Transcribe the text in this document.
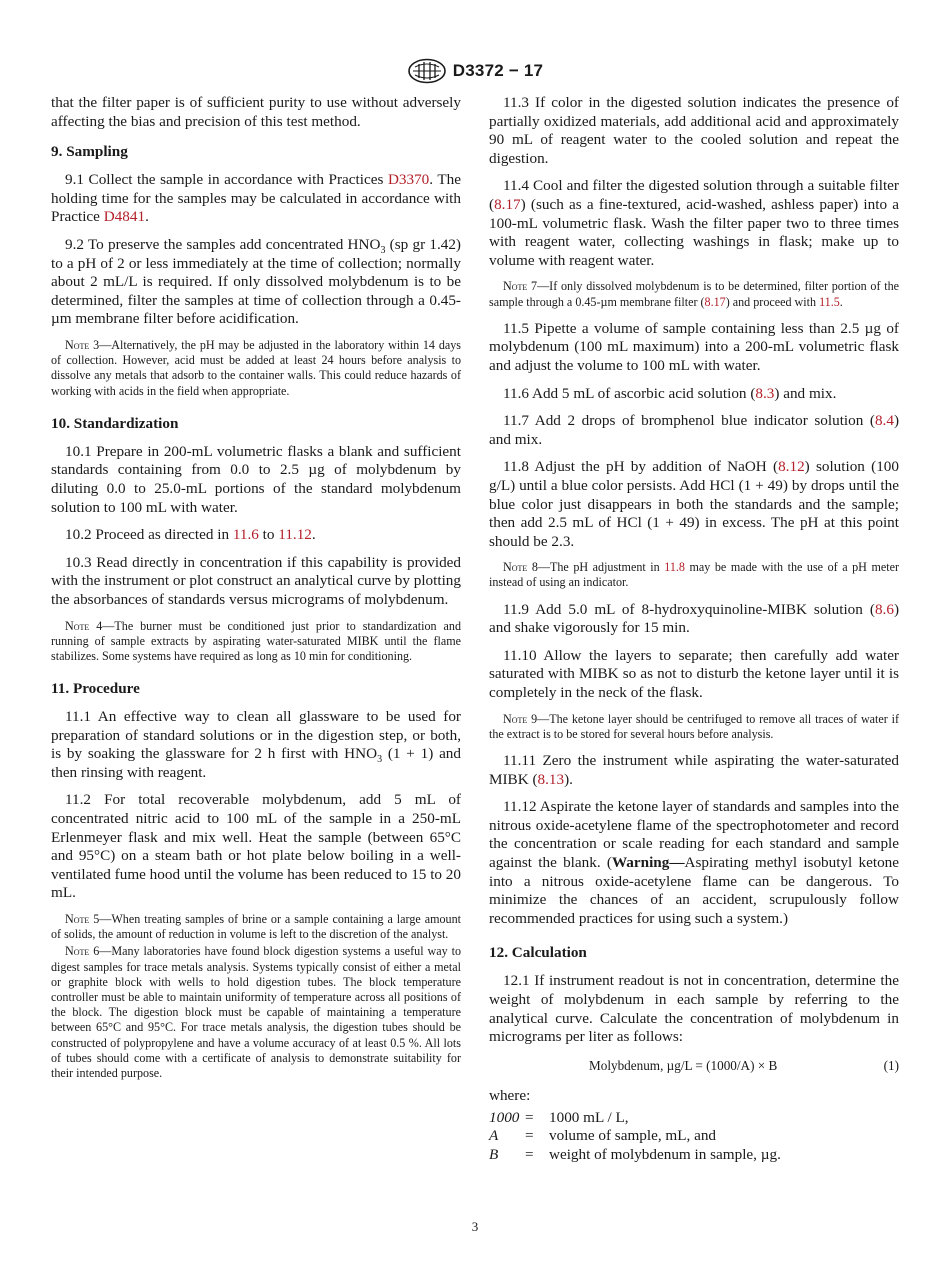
D3372 − 17

that the filter paper is of sufficient purity to use without adversely affecting the bias and precision of this test method.

9. Sampling

9.1 Collect the sample in accordance with Practices D3370. The holding time for the samples may be calculated in accordance with Practice D4841.

9.2 To preserve the samples add concentrated $HNO_3$ (sp gr 1.42) to a pH of 2 or less immediately at the time of collection; normally about 2 mL/L is required. If only dissolved molybdenum is to be determined, filter the samples at time of collection through a 0.45-µm membrane filter before acidification.

Note 3—Alternatively, the pH may be adjusted in the laboratory within 14 days of collection. However, acid must be added at least 24 hours before analysis to dissolve any metals that adsorb to the container walls. This could reduce hazards of working with acids in the field when appropriate.

10. Standardization

10.1 Prepare in 200-mL volumetric flasks a blank and sufficient standards containing from 0.0 to 2.5 µg of molybdenum by diluting 0.0 to 25.0-mL portions of the standard molybdenum solution to 100 mL with water.

10.2 Proceed as directed in 11.6 to 11.12.

10.3 Read directly in concentration if this capability is provided with the instrument or plot construct an analytical curve by plotting the absorbances of standards versus micrograms of molybdenum.

Note 4—The burner must be conditioned just prior to standardization and running of sample extracts by aspirating water-saturated MIBK until the flame stabilizes. Some systems have required as long as 10 min for conditioning.

11. Procedure

11.1 An effective way to clean all glassware to be used for preparation of standard solutions or in the digestion step, or both, is by soaking the glassware for 2 h first with $HNO_3$ (1 + 1) and then rinsing with reagent.

11.2 For total recoverable molybdenum, add 5 mL of concentrated nitric acid to 100 mL of the sample in a 250-mL Erlenmeyer flask and mix well. Heat the sample (between 65°C and 95°C) on a steam bath or hot plate below boiling in a well-ventilated fume hood until the volume has been reduced to 15 to 20 mL.

Note 5—When treating samples of brine or a sample containing a large amount of solids, the amount of reduction in volume is left to the discretion of the analyst.

Note 6—Many laboratories have found block digestion systems a useful way to digest samples for trace metals analysis. Systems typically consist of either a metal or graphite block with wells to hold digestion tubes. The block temperature controller must be able to maintain uniformity of temperature across all positions of the block. The digestion block must be capable of maintaining a temperature between 65°C and 95°C. For trace metals analysis, the digestion tubes should be constructed of polypropylene and have a volume accuracy of at least 0.5 %. All lots of tubes should come with a certificate of analysis to demonstrate suitability for their intended purpose.

11.3 If color in the digested solution indicates the presence of partially oxidized materials, add additional acid and approximately 90 mL of reagent water to the cooled solution and repeat the digestion.

11.4 Cool and filter the digested solution through a suitable filter (8.17) (such as a fine-textured, acid-washed, ashless paper) into a 100-mL volumetric flask. Wash the filter paper two to three times with reagent water, collecting washings in flask; make up to volume with reagent water.

Note 7—If only dissolved molybdenum is to be determined, filter portion of the sample through a 0.45-µm membrane filter (8.17) and proceed with 11.5.

11.5 Pipette a volume of sample containing less than 2.5 µg of molybdenum (100 mL maximum) into a 200-mL volumetric flask and adjust the volume to 100 mL with water.

11.6 Add 5 mL of ascorbic acid solution (8.3) and mix.

11.7 Add 2 drops of bromphenol blue indicator solution (8.4) and mix.

11.8 Adjust the pH by addition of NaOH (8.12) solution (100 g/L) until a blue color persists. Add HCl (1 + 49) by drops until the blue color just disappears in both the standards and the sample; then add 2.5 mL of HCl (1 + 49) in excess. The pH at this point should be 2.3.

Note 8—The pH adjustment in 11.8 may be made with the use of a pH meter instead of using an indicator.

11.9 Add 5.0 mL of 8-hydroxyquinoline-MIBK solution (8.6) and shake vigorously for 15 min.

11.10 Allow the layers to separate; then carefully add water saturated with MIBK so as not to disturb the ketone layer until it is completely in the neck of the flask.

Note 9—The ketone layer should be centrifuged to remove all traces of water if the extract is to be stored for several hours before analysis.

11.11 Zero the instrument while aspirating the water-saturated MIBK (8.13).

11.12 Aspirate the ketone layer of standards and samples into the nitrous oxide-acetylene flame of the spectrophotometer and record the concentration or scale reading for each standard and sample against the blank. (Warning—Aspirating methyl isobutyl ketone into a nitrous oxide-acetylene flame can be dangerous. To minimize the chances of an accident, scrupulously follow recommended practices for using such a system.)

12. Calculation

12.1 If instrument readout is not in concentration, determine the weight of molybdenum in each sample by referring to the analytical curve. Calculate the concentration of molybdenum in micrograms per liter as follows:

Molybdenum, µg/L = (1000/A) × B	(1)
where:
1000 =	1000 mL / L,
A	=	volume of sample, mL, and
B	=	weight of molybdenum in sample, µg.
3
